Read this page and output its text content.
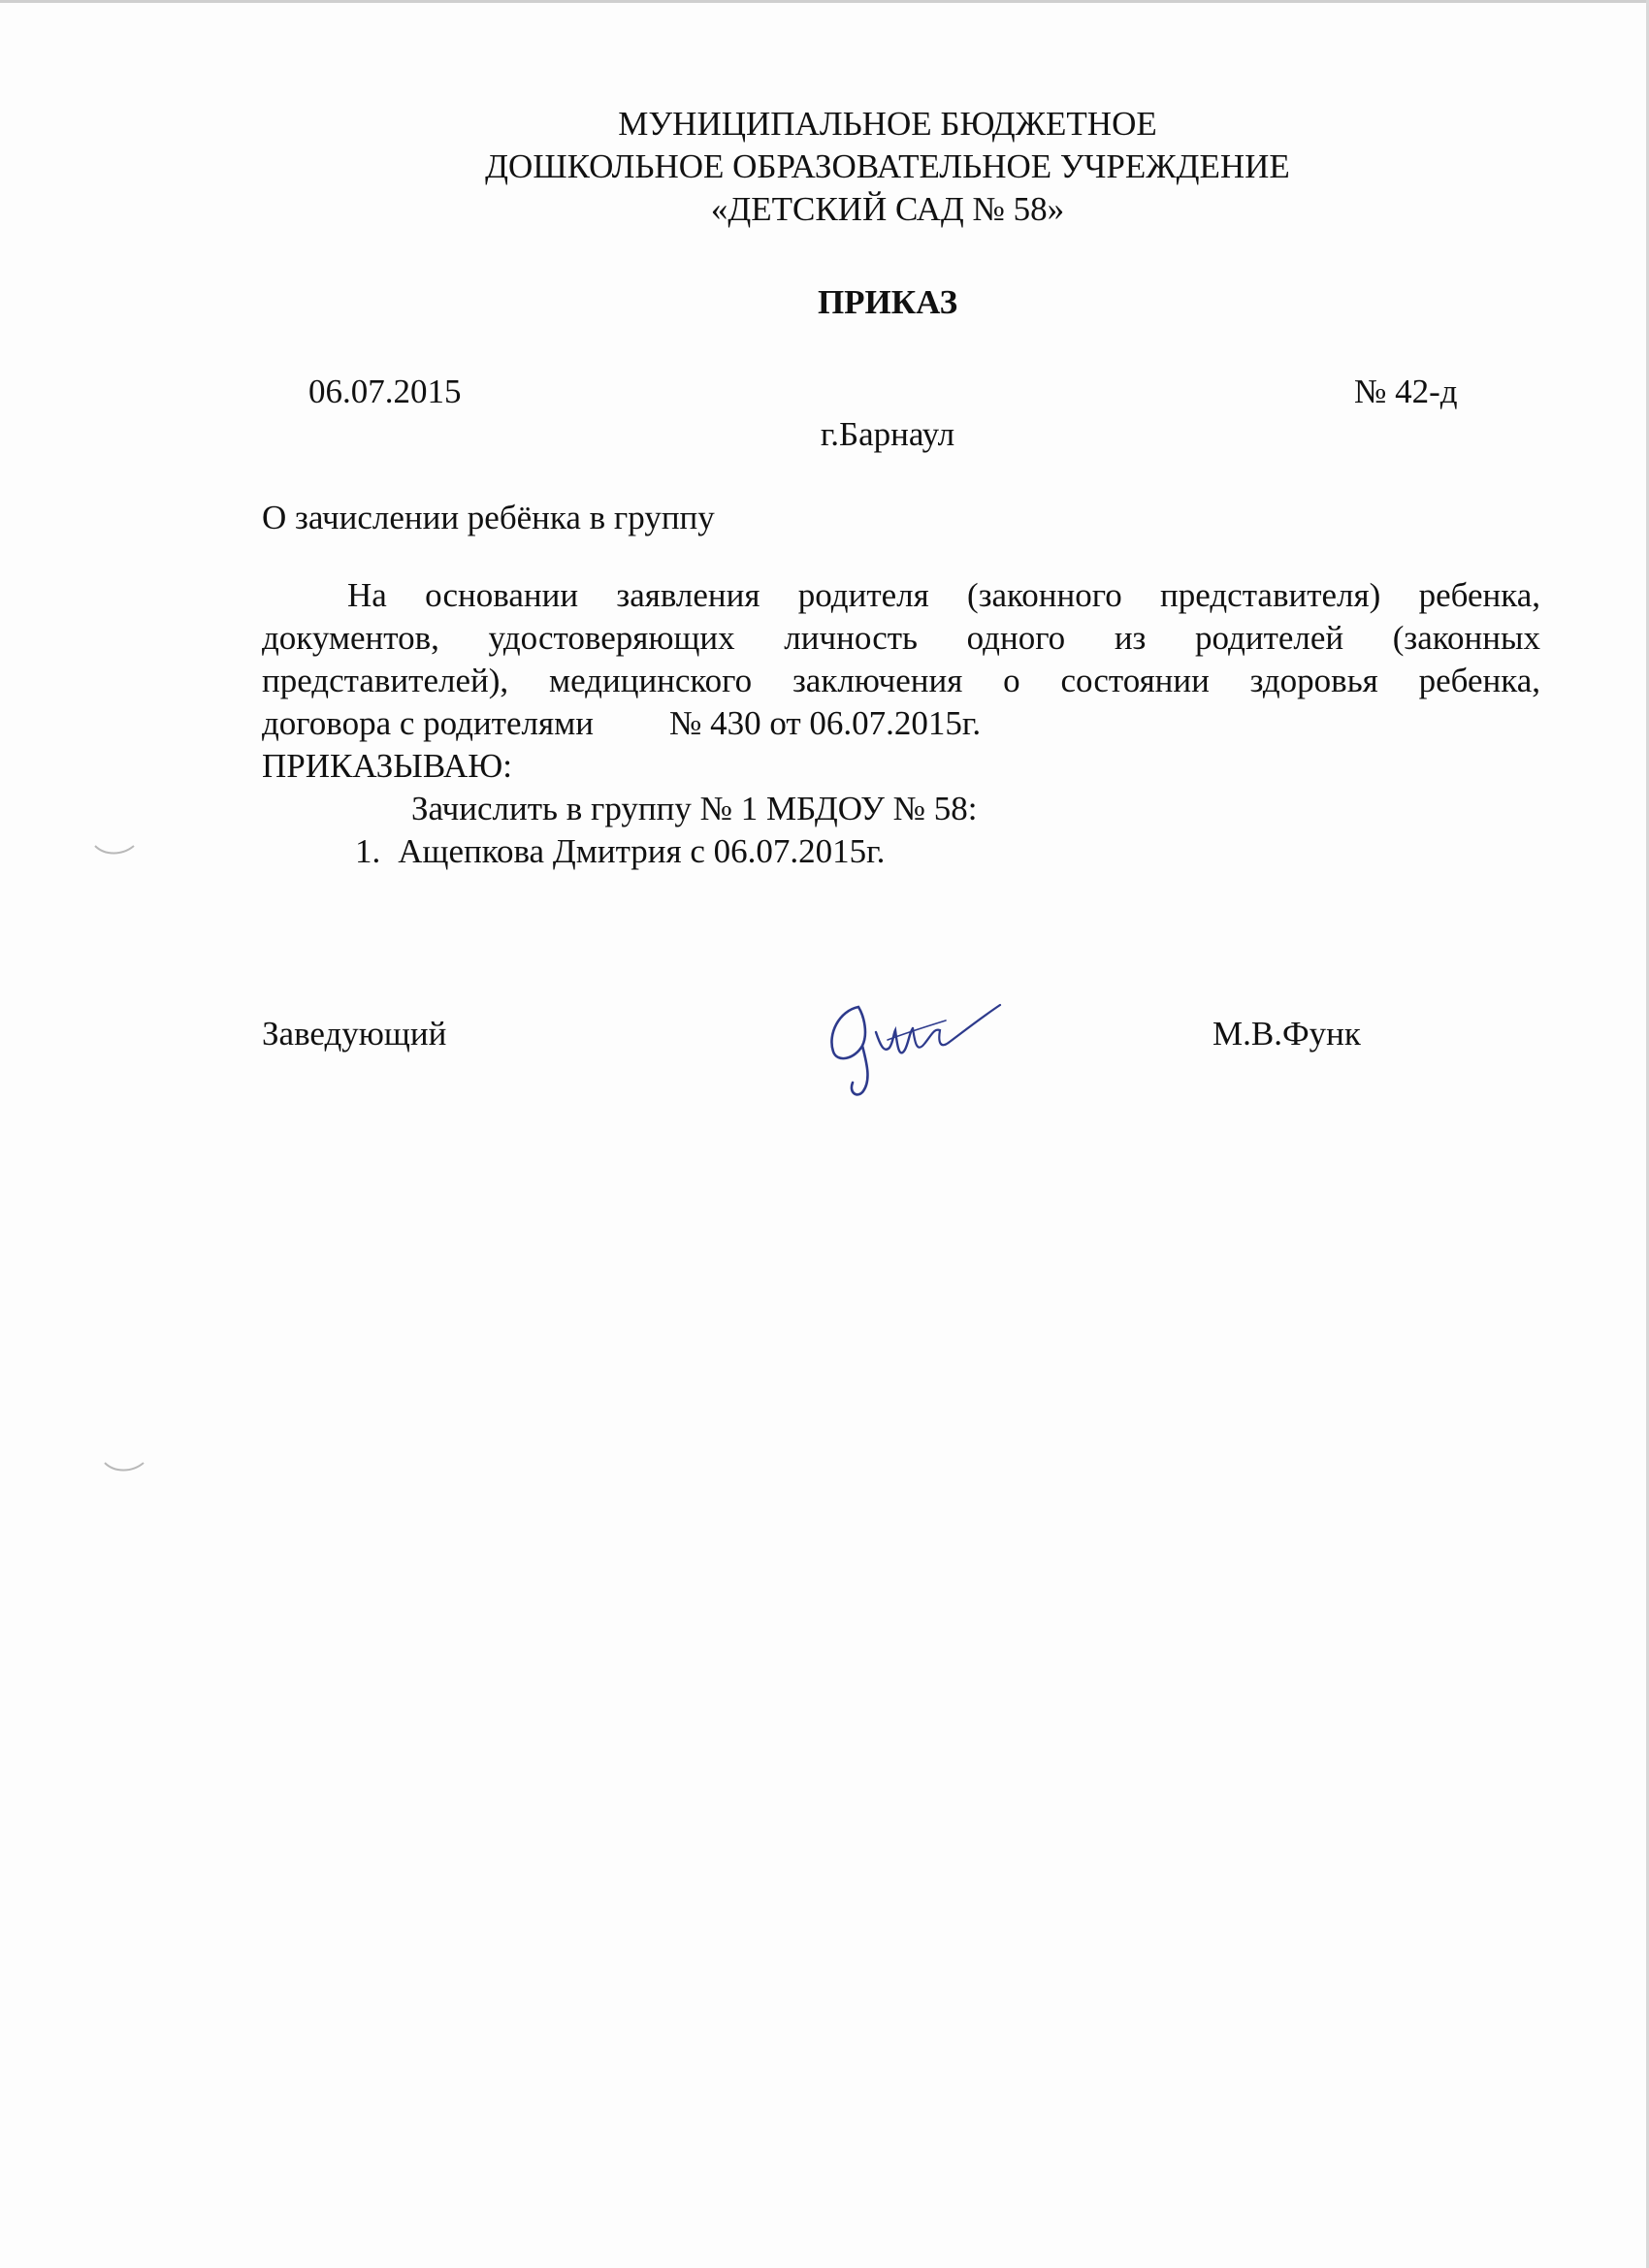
МУНИЦИПАЛЬНОЕ БЮДЖЕТНОЕ
ДОШКОЛЬНОЕ ОБРАЗОВАТЕЛЬНОЕ УЧРЕЖДЕНИЕ
«ДЕТСКИЙ САД № 58»
ПРИКАЗ
06.07.2015	№ 42-д
г.Барнаул
О зачислении ребёнка в группу
На основании заявления родителя (законного представителя) ребенка,
документов, удостоверяющих личность одного из родителей (законных
представителей), медицинского заключения о состоянии здоровья ребенка,
договора с родителями № 430 от 06.07.2015г.
ПРИКАЗЫВАЮ:
Зачислить в группу № 1 МБДОУ № 58:
1. Ащепкова Дмитрия с 06.07.2015г.
Заведующий	М.В.Функ
